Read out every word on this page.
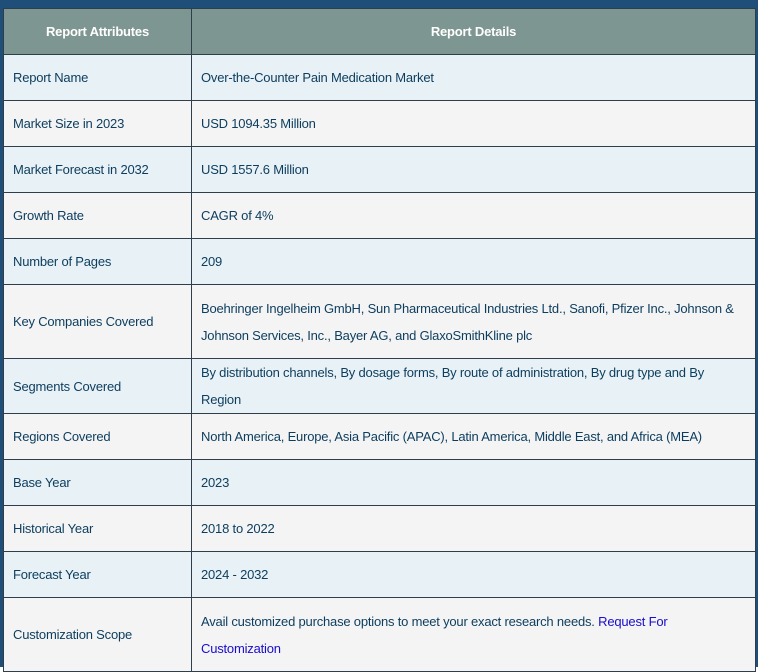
Report Attributes	Report Details
Report Name	Over-the-Counter Pain Medication Market
Market Size in 2023	USD 1094.35 Million
Market Forecast in 2032	USD 1557.6 Million
Growth Rate	CAGR of 4%
Number of Pages	209
Key Companies Covered	Boehringer Ingelheim GmbH, Sun Pharmaceutical Industries Ltd., Sanofi, Pfizer Inc., Johnson & Johnson Services, Inc., Bayer AG, and GlaxoSmithKline plc
Segments Covered	By distribution channels, By dosage forms, By route of administration, By drug type and By Region
Regions Covered	North America, Europe, Asia Pacific (APAC), Latin America, Middle East, and Africa (MEA)
Base Year	2023
Historical Year	2018 to 2022
Forecast Year	2024 - 2032
Customization Scope	Avail customized purchase options to meet your exact research needs. Request For Customization
